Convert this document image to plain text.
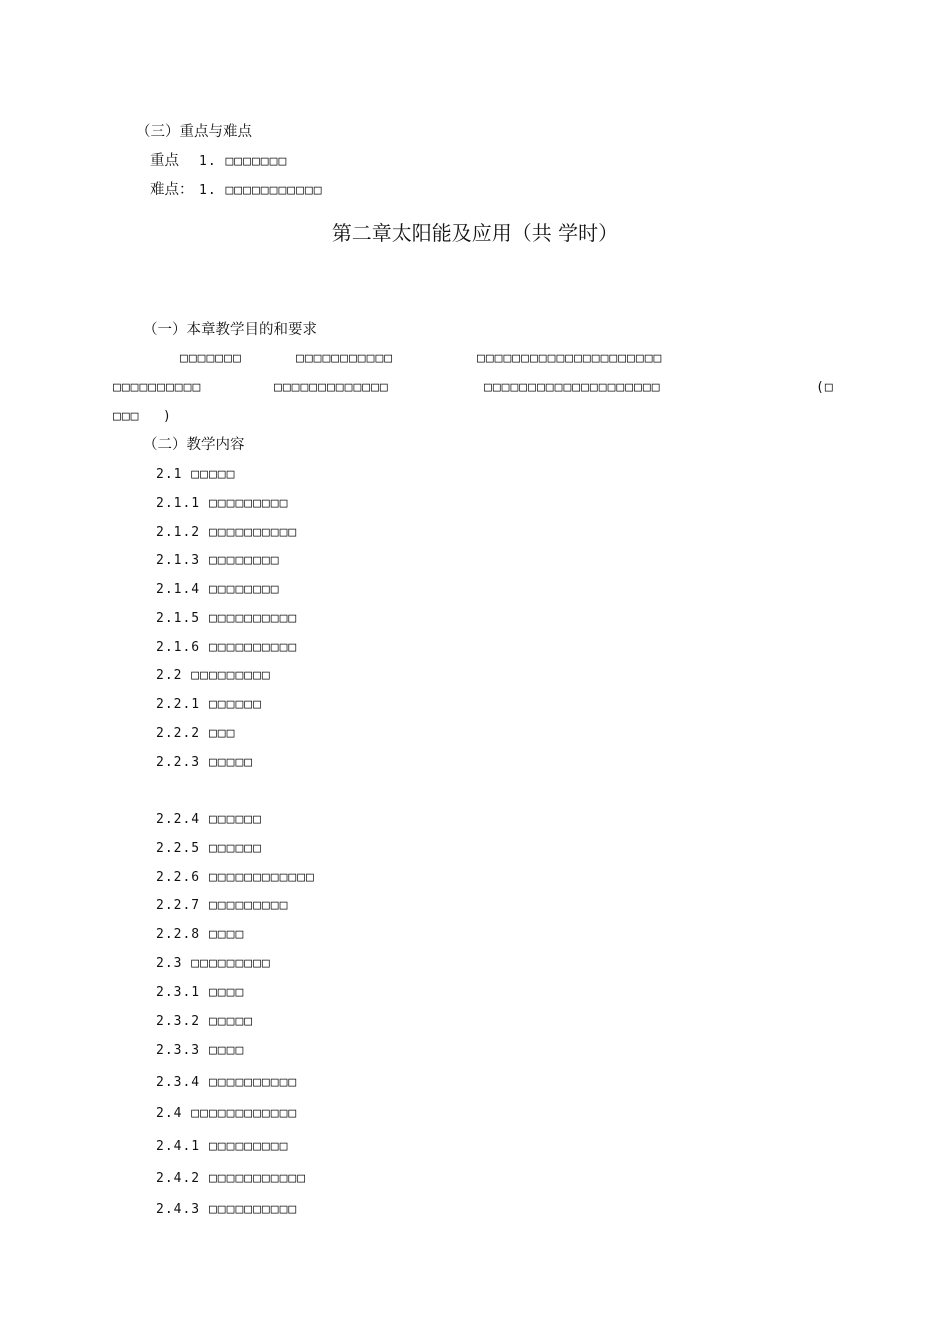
（三）重点与难点
重点 1. □□□□□□□
难点： 1. □□□□□□□□□□□
第二章太阳能及应用（共 学时）
（一）本章教学目的和要求
□□□□□□□	□□□□□□□□□□□	□□□□□□□□□□□□□□□□□□□□□
□□□□□□□□□□	□□□□□□□□□□□□□	□□□□□□□□□□□□□□□□□□□□	(□
□□□ )
（二）教学内容
2.1 □□□□□
2.1.1 □□□□□□□□□
2.1.2 □□□□□□□□□□
2.1.3 □□□□□□□□
2.1.4 □□□□□□□□
2.1.5 □□□□□□□□□□
2.1.6 □□□□□□□□□□
2.2 □□□□□□□□□
2.2.1 □□□□□□
2.2.2 □□□
2.2.3 □□□□□
2.2.4 □□□□□□
2.2.5 □□□□□□
2.2.6 □□□□□□□□□□□□
2.2.7 □□□□□□□□□
2.2.8 □□□□
2.3 □□□□□□□□□
2.3.1 □□□□
2.3.2 □□□□□
2.3.3 □□□□
2.3.4 □□□□□□□□□□
2.4 □□□□□□□□□□□□
2.4.1 □□□□□□□□□
2.4.2 □□□□□□□□□□□
2.4.3 □□□□□□□□□□
